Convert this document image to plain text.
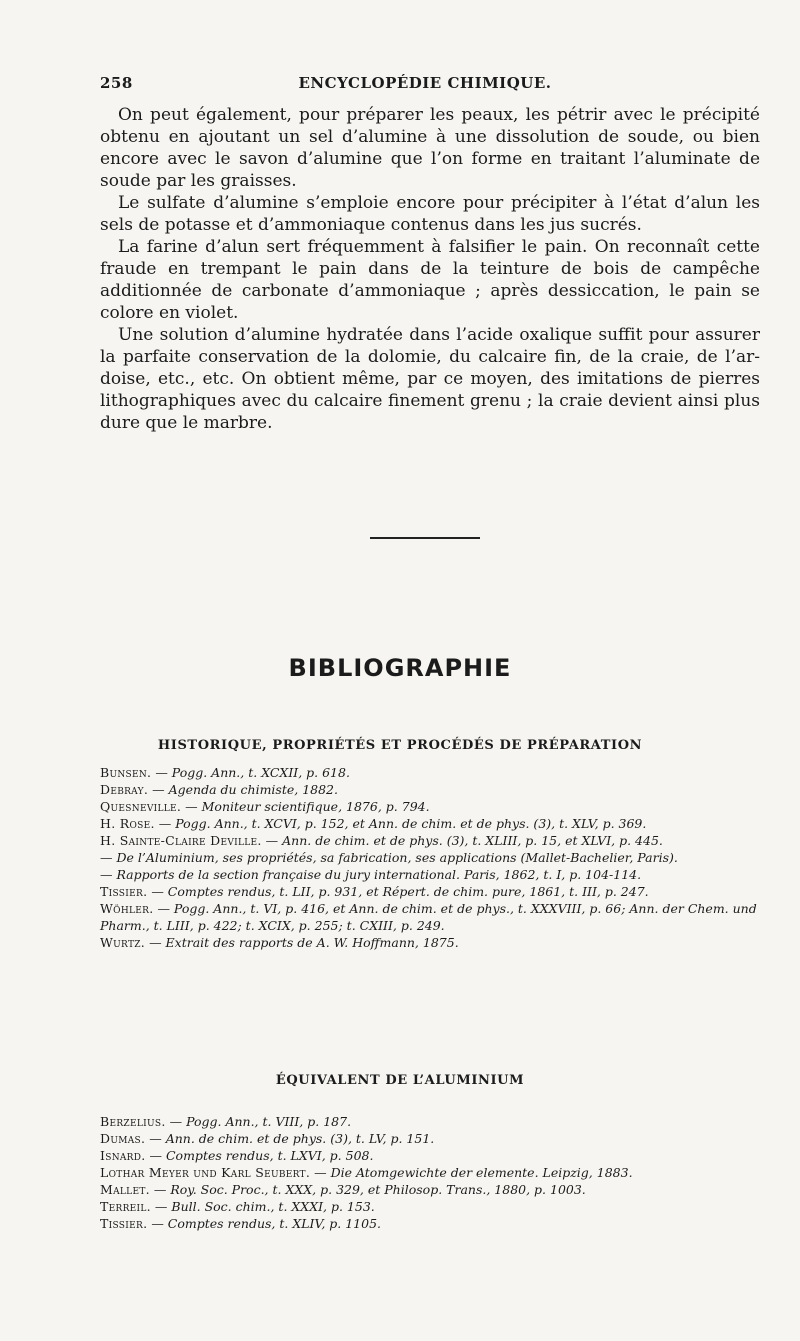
258	ENCYCLOPÉDIE CHIMIQUE.

On peut également, pour préparer les peaux, les pétrir avec le précipité obtenu en ajoutant un sel d’alumine à une dissolution de soude, ou bien encore avec le savon d’alumine que l’on forme en traitant l’aluminate de soude par les graisses.

Le sulfate d’alumine s’emploie encore pour précipiter à l’état d’alun les sels de potasse et d’ammoniaque contenus dans les jus sucrés.

La farine d’alun sert fréquemment à falsifier le pain. On reconnaît cette fraude en trempant le pain dans de la teinture de bois de campêche additionnée de carbonate d’ammoniaque ; après dessiccation, le pain se colore en violet.

Une solution d’alumine hydratée dans l’acide oxalique suffit pour assurer la parfaite conservation de la dolomie, du calcaire fin, de la craie, de l’ardoise, etc., etc. On obtient même, par ce moyen, des imitations de pierres lithographiques avec du calcaire finement grenu ; la craie devient ainsi plus dure que le marbre.

BIBLIOGRAPHIE
HISTORIQUE, PROPRIÉTÉS ET PROCÉDÉS DE PRÉPARATION

Bunsen. — Pogg. Ann., t. XCXII, p. 618.

Debray. — Agenda du chimiste, 1882.

Quesneville. — Moniteur scientifique, 1876, p. 794.

H. Rose. — Pogg. Ann., t. XCVI, p. 152, et Ann. de chim. et de phys. (3), t. XLV, p. 369.

H. Sainte-Claire Deville. — Ann. de chim. et de phys. (3), t. XLIII, p. 15, et XLVI, p. 445.

— De l’Aluminium, ses propriétés, sa fabrication, ses applications (Mallet-Bachelier, Paris).

— Rapports de la section française du jury international. Paris, 1862, t. I, p. 104-114.

Tissier. — Comptes rendus, t. LII, p. 931, et Répert. de chim. pure, 1861, t. III, p. 247.

Wöhler. — Pogg. Ann., t. VI, p. 416, et Ann. de chim. et de phys., t. XXXVIII, p. 66; Ann. der Chem. und Pharm., t. LIII, p. 422; t. XCIX, p. 255; t. CXIII, p. 249.

Wurtz. — Extrait des rapports de A. W. Hoffmann, 1875.

ÉQUIVALENT DE L’ALUMINIUM

Berzelius. — Pogg. Ann., t. VIII, p. 187.

Dumas. — Ann. de chim. et de phys. (3), t. LV, p. 151.

Isnard. — Comptes rendus, t. LXVI, p. 508.

Lothar Meyer und Karl Seubert. — Die Atomgewichte der elemente. Leipzig, 1883.

Mallet. — Roy. Soc. Proc., t. XXX, p. 329, et Philosop. Trans., 1880, p. 1003.

Terreil. — Bull. Soc. chim., t. XXXI, p. 153.

Tissier. — Comptes rendus, t. XLIV, p. 1105.
